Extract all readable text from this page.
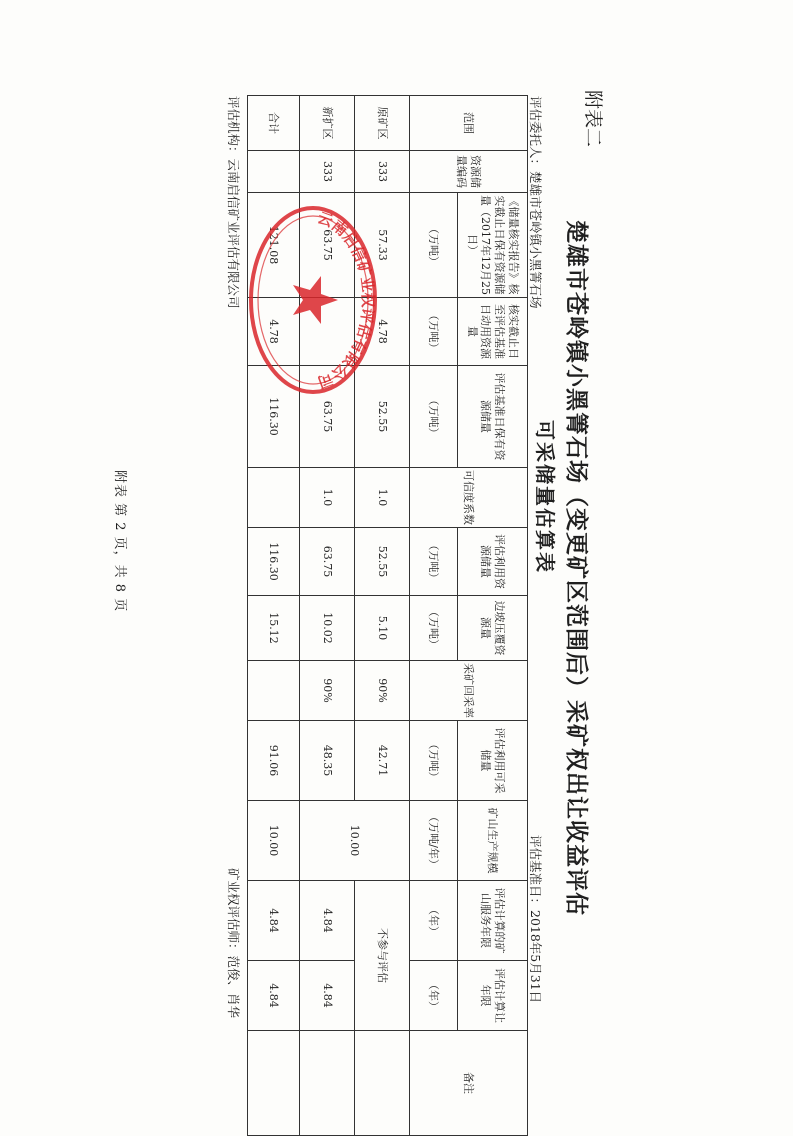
附表二
楚雄市苍岭镇小黑箐石场（变更矿区范围后）采矿权出让收益评估
可采储量估算表
评估委托人：楚雄市苍岭镇小黑箐石场
评估基准日：2018年5月31日
范围	资源储量编码	《储量核实报告》核实截止日保有资源储量（2017年12月25日）	核实截止日至评估基准日动用资源量	评估基准日保有资源储量	可信度系数	评估利用资源储量	边坡压覆资源量	采矿回采率	评估利用可采储量	矿山生产规模	评估计算的矿山服务年限	评估计算让年限	备注
		（万吨）	（万吨）	（万吨）		（万吨）	（万吨）		（万吨）	（万吨/年）	（年）	（年）	
原矿区	333	57.33	4.78	52.55	1.0	52.55	5.10	90%	42.71	10.00	不参与评估		
新扩区	333	63.75		63.75	1.0	63.75	10.02	90%	48.35		4.84	4.84	
合计		121.08	4.78	116.30		116.30	15.12		91.06	10.00	4.84	4.84	
评估机构：云南启信矿业评估有限公司
矿业权评估师：范俊、肖华
附表 第 2 页，共 8 页
云南启信矿业权评估有限公司
